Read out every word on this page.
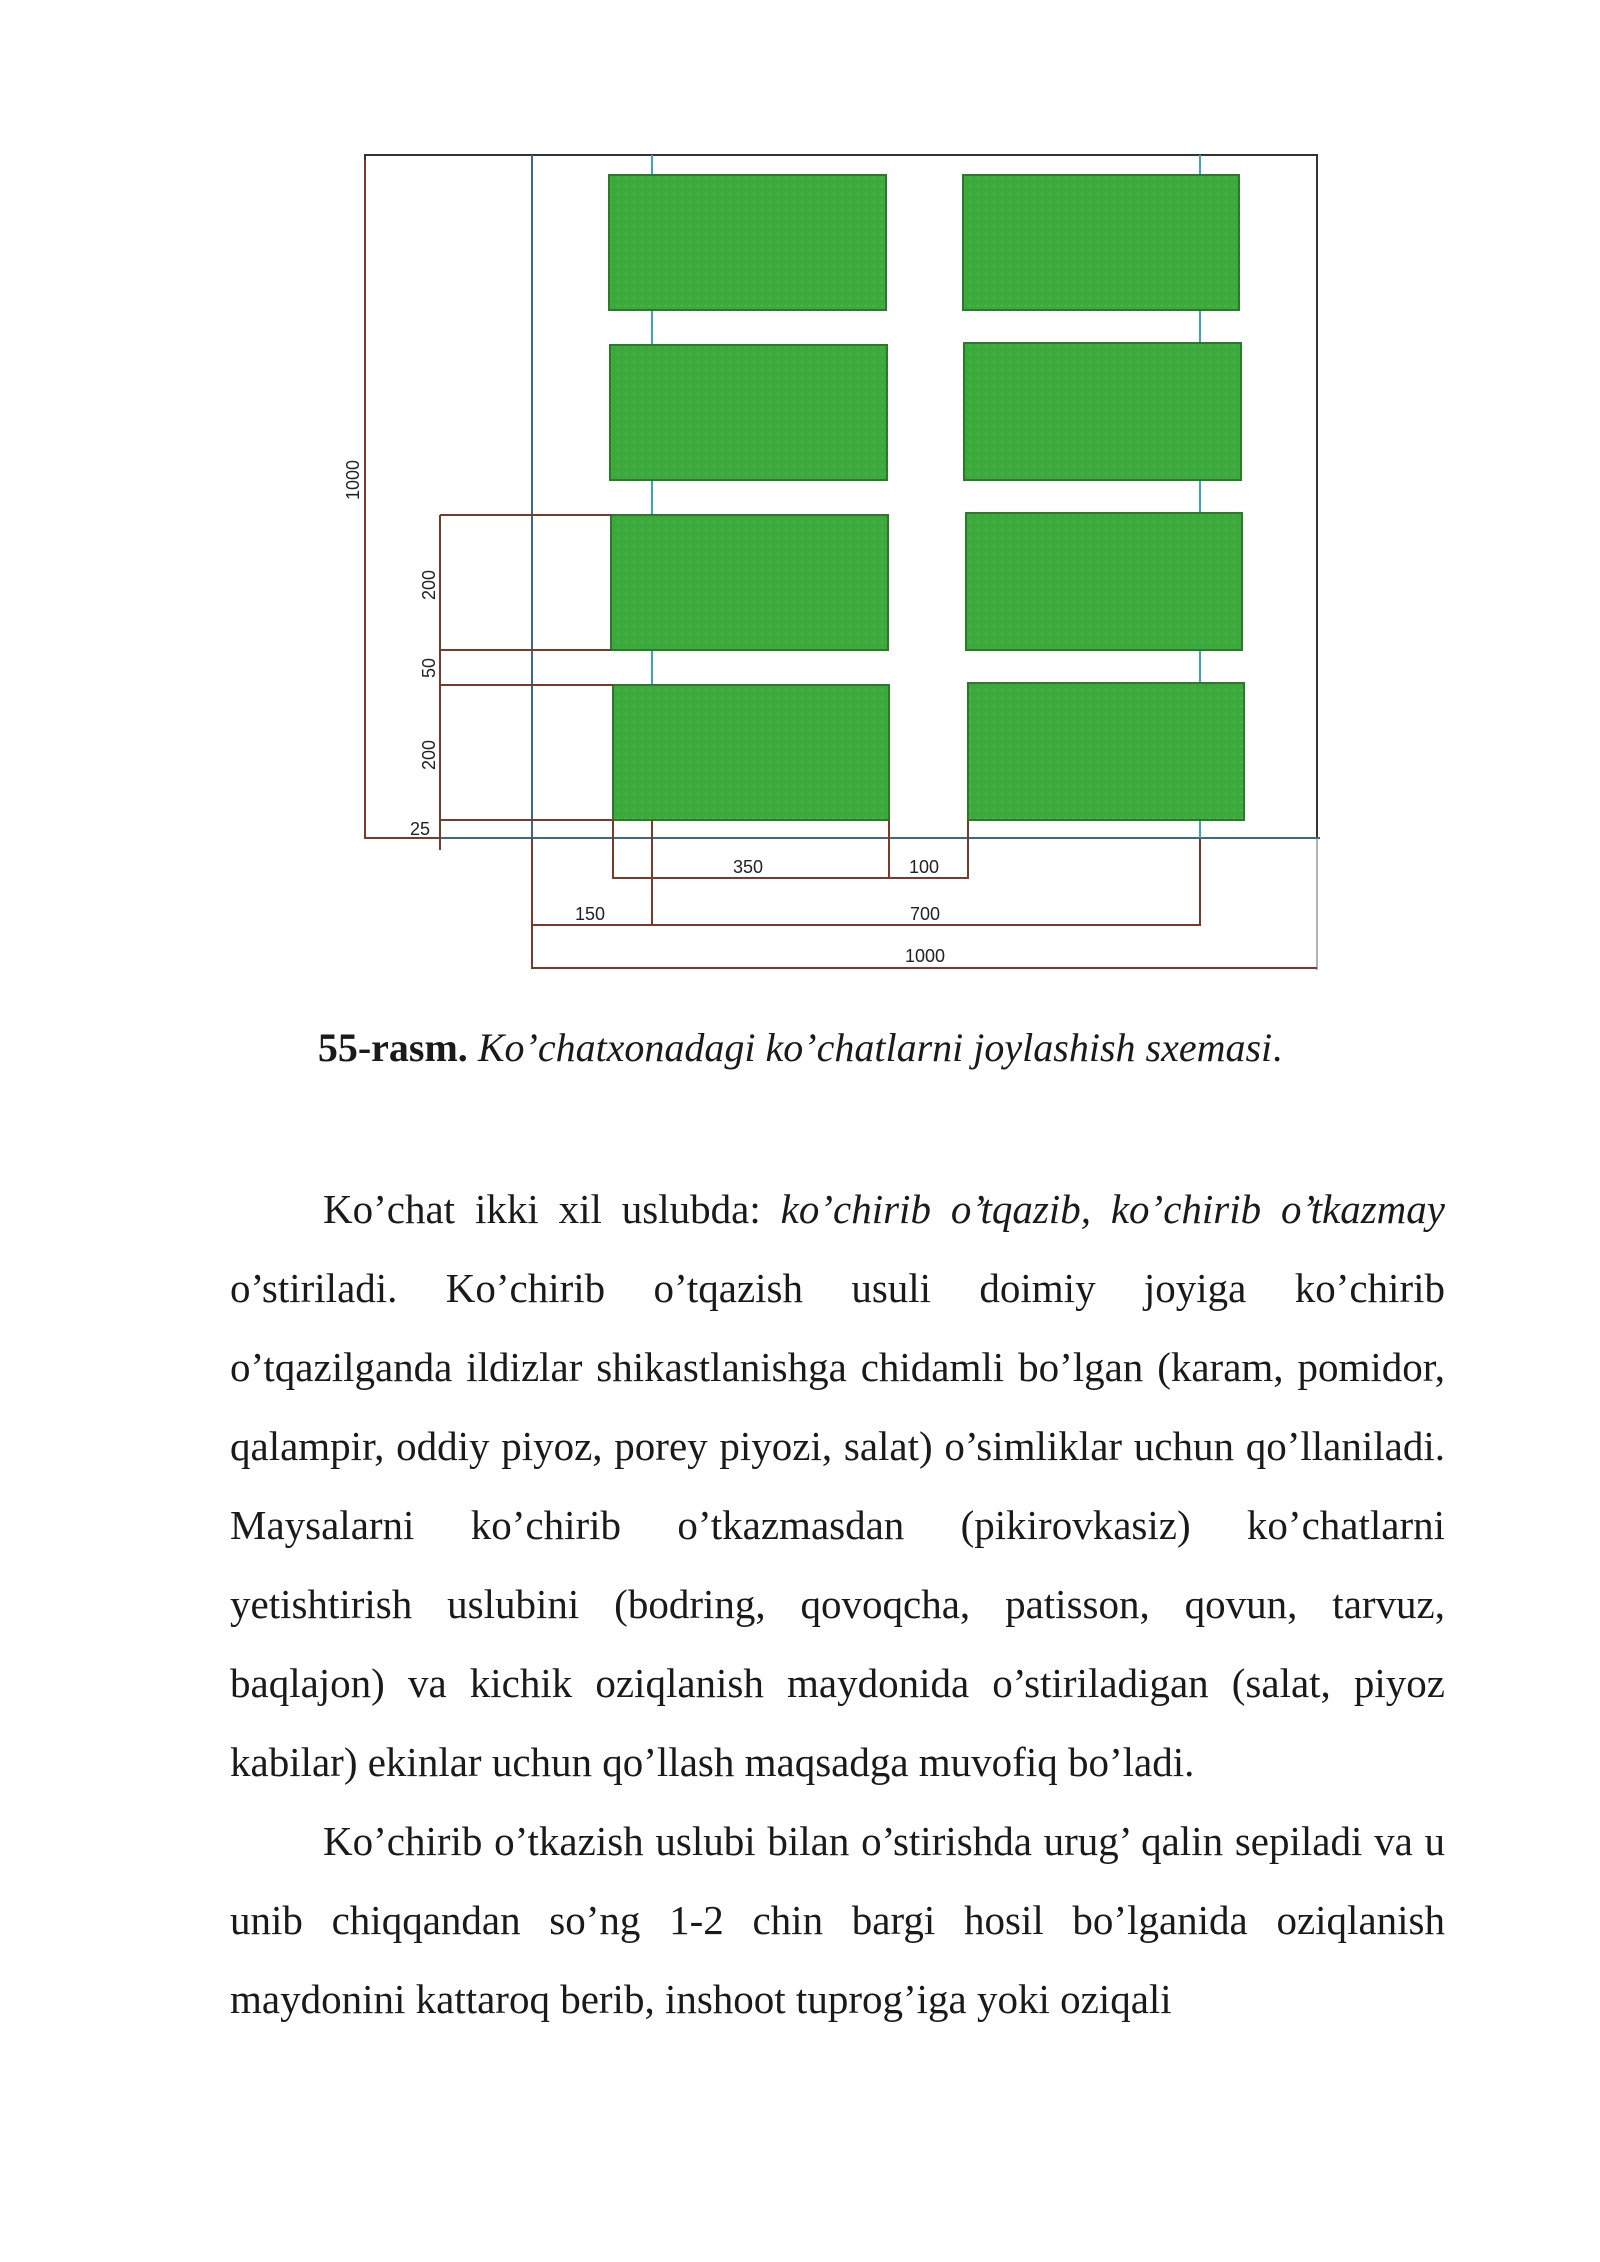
1000
200
50
200
25
350	100
150	700
1000
55-rasm. Ko’chatxonadagi ko’chatlarni joylashish sxemasi.

Ko’chat ikki xil uslubda: ko’chirib o’tqazib, ko’chirib o’tkazmay o’stiriladi. Ko’chirib o’tqazish usuli doimiy joyiga ko’chirib o’tqazilganda ildizlar shikastlanishga chidamli bo’lgan (karam, pomidor, qalampir, oddiy piyoz, porey piyozi, salat) o’simliklar uchun qo’llaniladi. Maysalarni ko’chirib o’tkazmasdan (pikirovkasiz) ko’chatlarni yetishtirish uslubini (bodring, qovoqcha, patisson, qovun, tarvuz, baqlajon) va kichik oziqlanish maydonida o’stiriladigan (salat, piyoz kabilar) ekinlar uchun qo’llash maqsadga muvofiq bo’ladi.

Ko’chirib o’tkazish uslubi bilan o’stirishda urug’ qalin sepiladi va u unib chiqqandan so’ng 1-2 chin bargi hosil bo’lganida oziqlanish maydonini kattaroq berib, inshoot tuprog’iga yoki oziqali
